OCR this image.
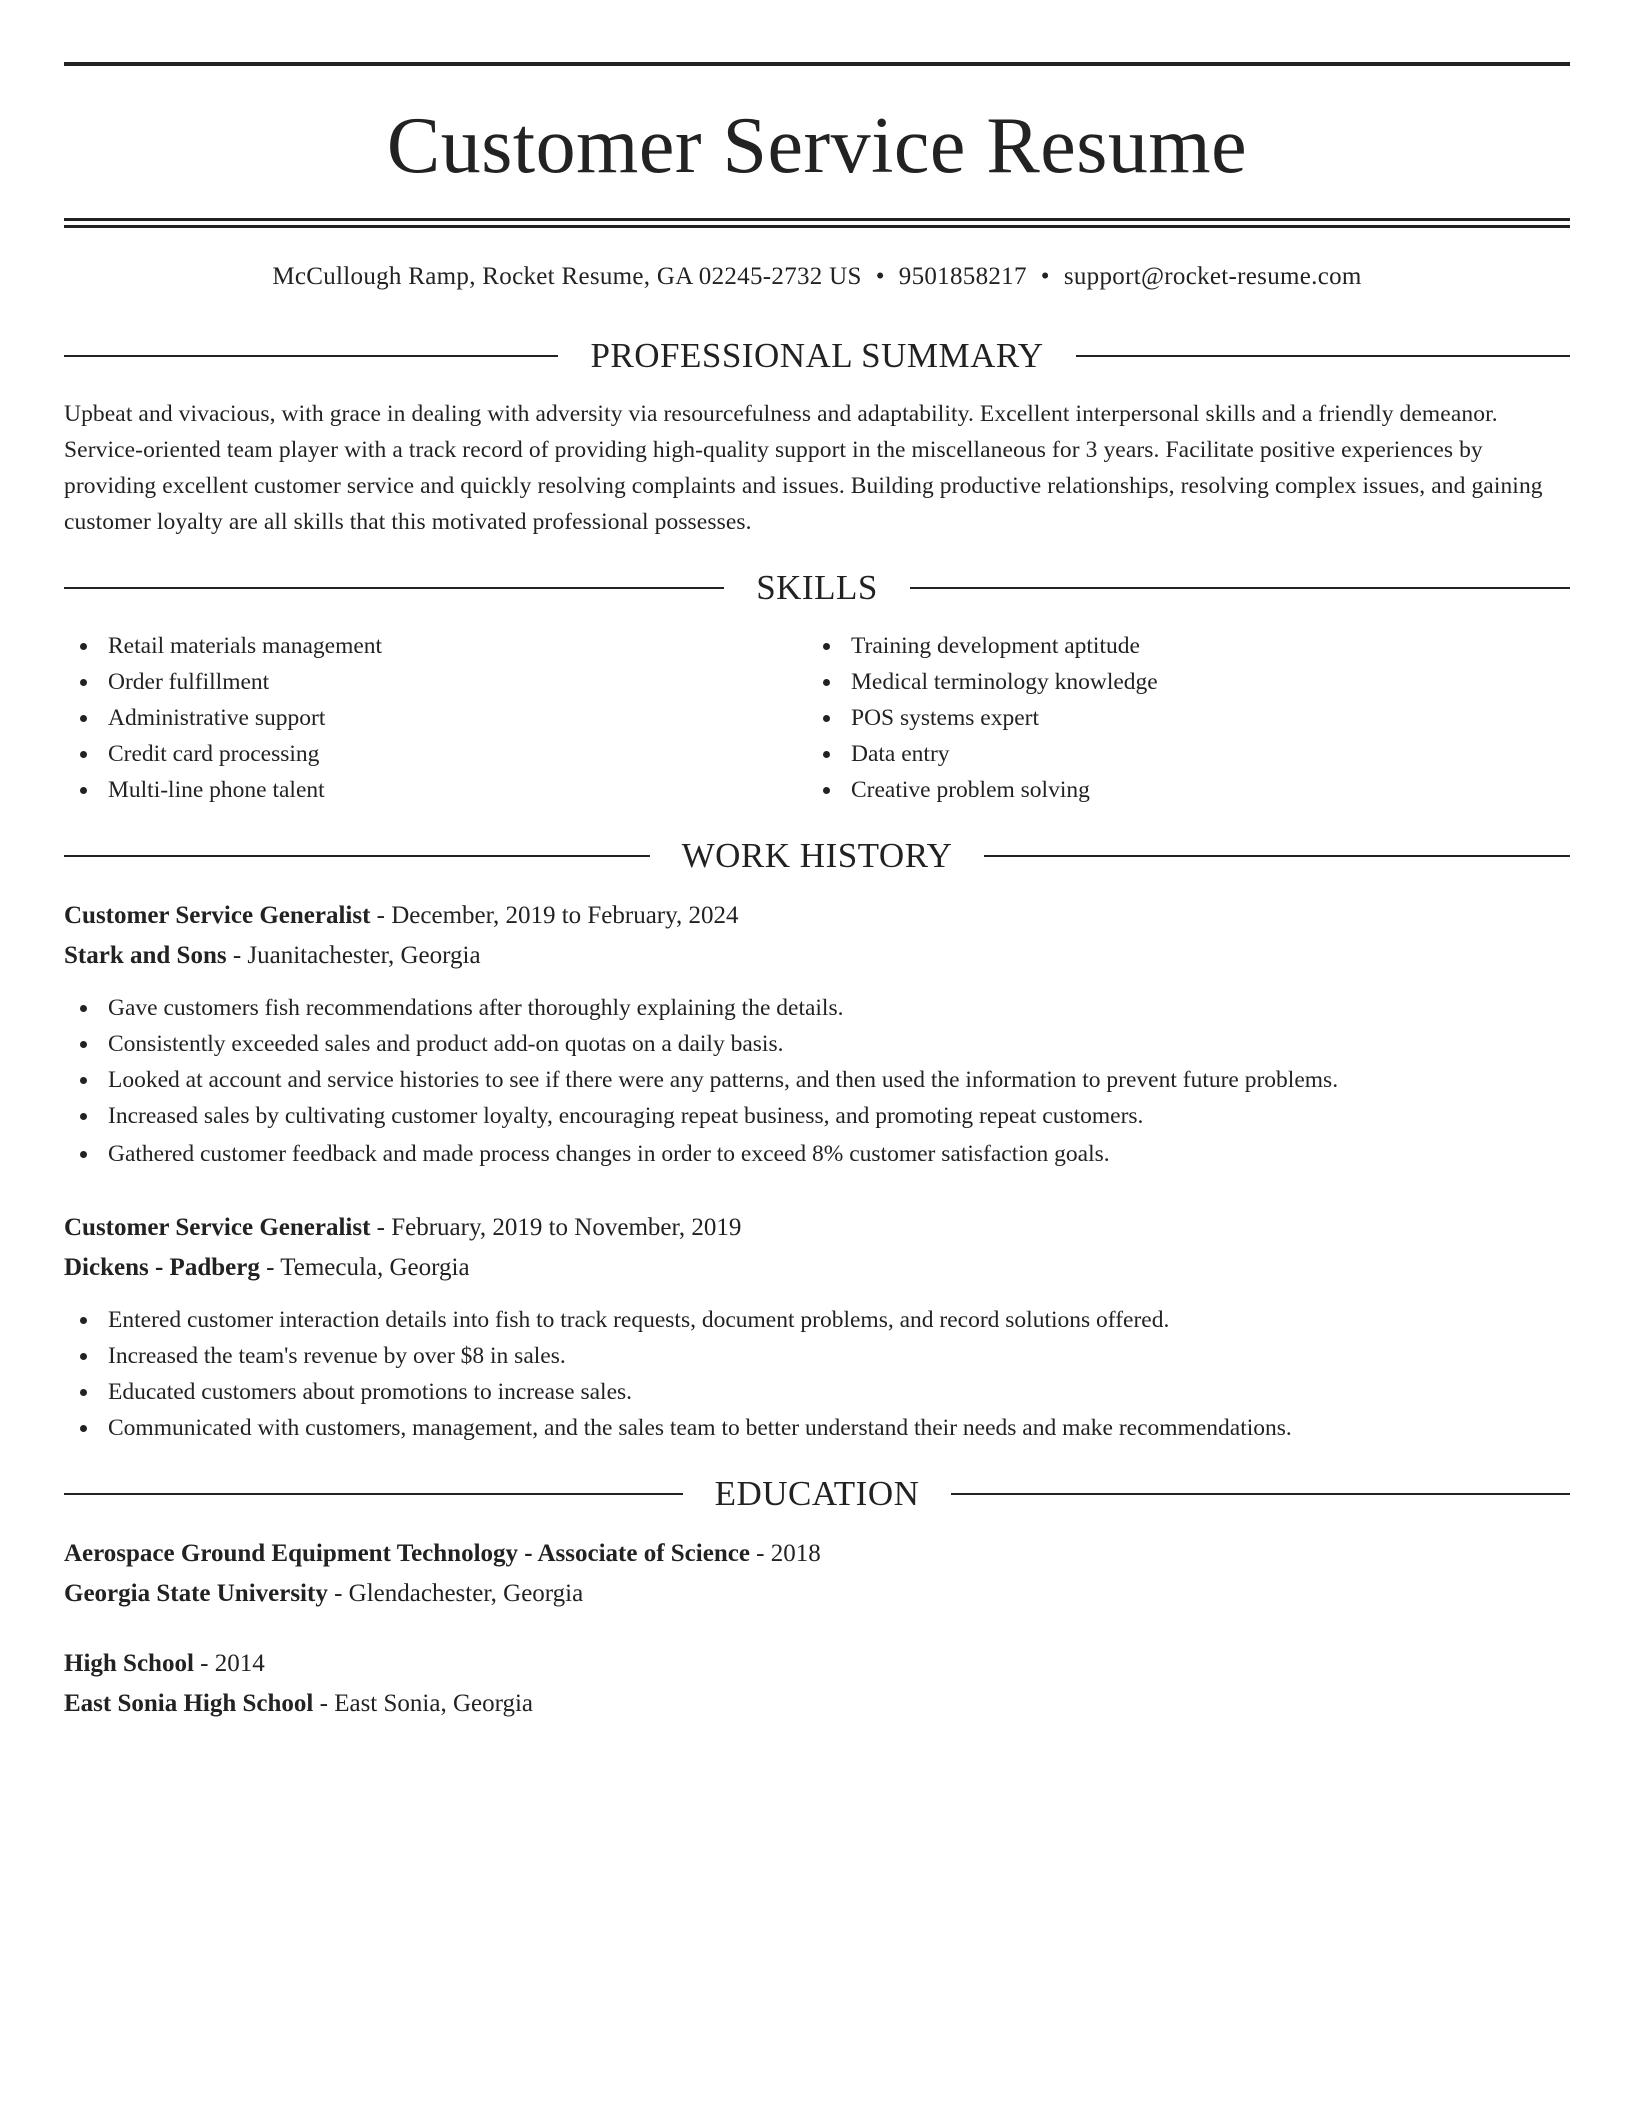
Customer Service Resume
McCullough Ramp, Rocket Resume, GA 02245-2732 US • 9501858217 • support@rocket-resume.com
PROFESSIONAL SUMMARY

Upbeat and vivacious, with grace in dealing with adversity via resourcefulness and adaptability. Excellent interpersonal skills and a friendly demeanor. Service-oriented team player with a track record of providing high-quality support in the miscellaneous for 3 years. Facilitate positive experiences by providing excellent customer service and quickly resolving complaints and issues. Building productive relationships, resolving complex issues, and gaining customer loyalty are all skills that this motivated professional possesses.

SKILLS
Retail materials management
Order fulfillment
Administrative support
Credit card processing
Multi-line phone talent
Training development aptitude
Medical terminology knowledge
POS systems expert
Data entry
Creative problem solving
WORK HISTORY
Customer Service Generalist - December, 2019 to February, 2024
Stark and Sons - Juanitachester, Georgia
Gave customers fish recommendations after thoroughly explaining the details.
Consistently exceeded sales and product add-on quotas on a daily basis.
Looked at account and service histories to see if there were any patterns, and then used the information to prevent future problems.
Increased sales by cultivating customer loyalty, encouraging repeat business, and promoting repeat customers.
Gathered customer feedback and made process changes in order to exceed 8% customer satisfaction goals.
Customer Service Generalist - February, 2019 to November, 2019
Dickens - Padberg - Temecula, Georgia
Entered customer interaction details into fish to track requests, document problems, and record solutions offered.
Increased the team's revenue by over $8 in sales.
Educated customers about promotions to increase sales.
Communicated with customers, management, and the sales team to better understand their needs and make recommendations.
EDUCATION
Aerospace Ground Equipment Technology - Associate of Science - 2018
Georgia State University - Glendachester, Georgia
High School - 2014
East Sonia High School - East Sonia, Georgia
